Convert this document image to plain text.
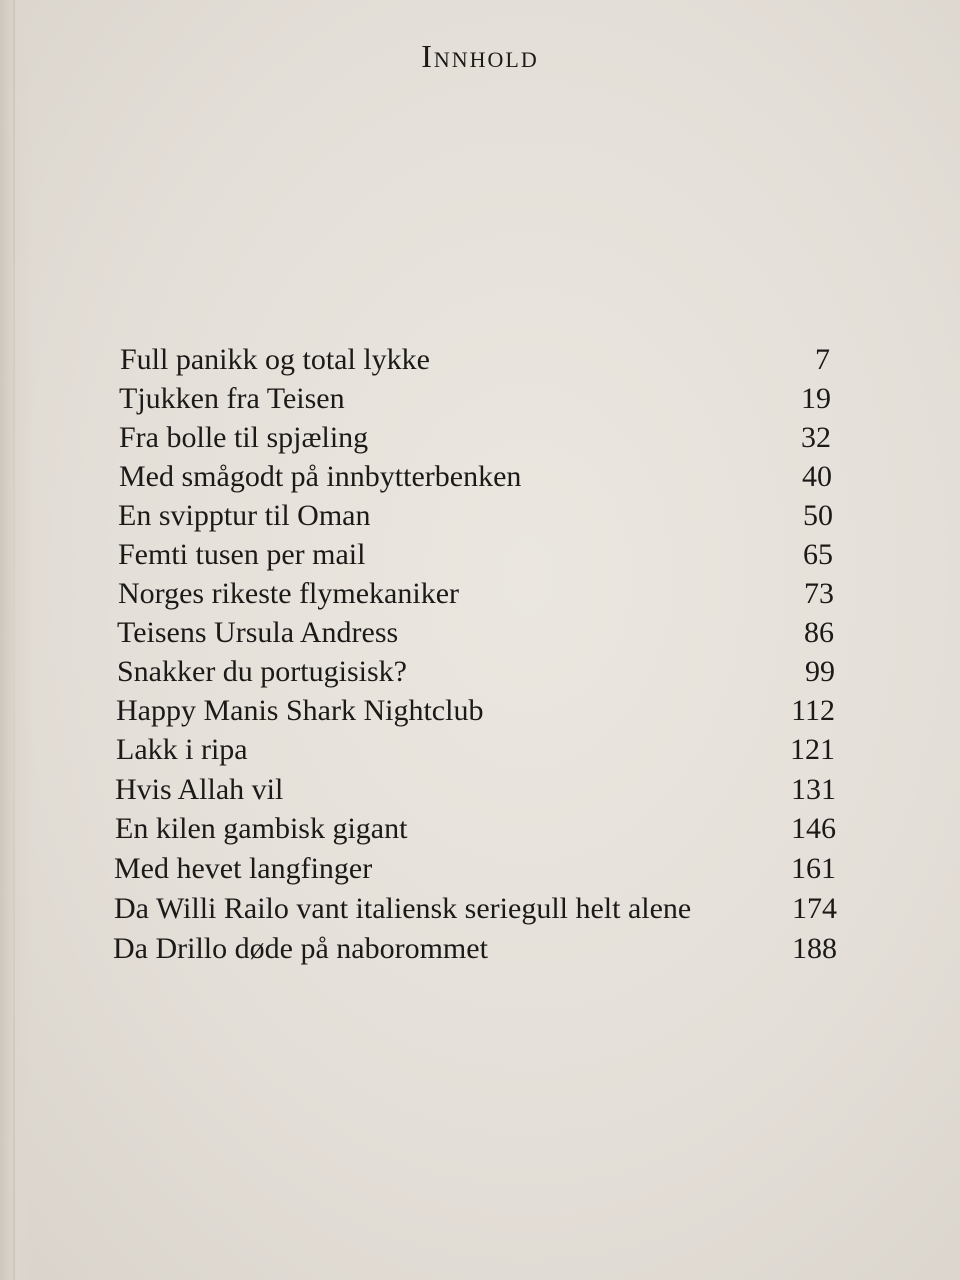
Innhold
Full panikk og total lykke	7
Tjukken fra Teisen	19
Fra bolle til spjæling	32
Med smågodt på innbytterbenken	40
En svipptur til Oman	50
Femti tusen per mail	65
Norges rikeste flymekaniker	73
Teisens Ursula Andress	86
Snakker du portugisisk?	99
Happy Manis Shark Nightclub	112
Lakk i ripa	121
Hvis Allah vil	131
En kilen gambisk gigant	146
Med hevet langfinger	161
Da Willi Railo vant italiensk seriegull helt alene	174
Da Drillo døde på naborommet	188
